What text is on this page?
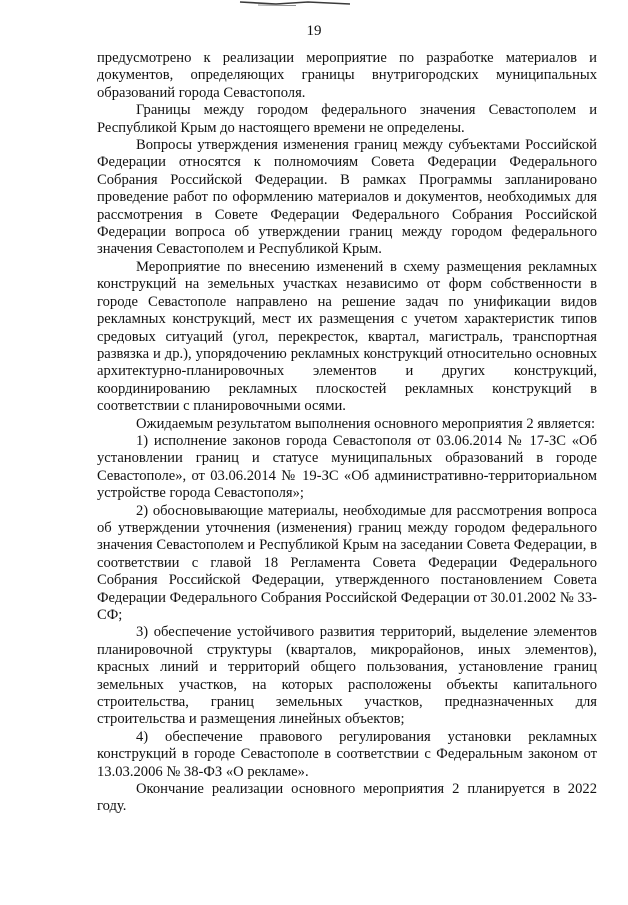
19

предусмотрено к реализации мероприятие по разработке материалов и документов, определяющих границы внутригородских муниципальных образований города Севастополя.

Границы между городом федерального значения Севастополем и Республикой Крым до настоящего времени не определены.

Вопросы утверждения изменения границ между субъектами Российской Федерации относятся к полномочиям Совета Федерации Федерального Собрания Российской Федерации. В рамках Программы запланировано проведение работ по оформлению материалов и документов, необходимых для рассмотрения в Совете Федерации Федерального Собрания Российской Федерации вопроса об утверждении границ между городом федерального значения Севастополем и Республикой Крым.

Мероприятие по внесению изменений в схему размещения рекламных конструкций на земельных участках независимо от форм собственности в городе Севастополе направлено на решение задач по унификации видов рекламных конструкций, мест их размещения с учетом характеристик типов средовых ситуаций (угол, перекресток, квартал, магистраль, транспортная развязка и др.), упорядочению рекламных конструкций относительно основных архитектурно-планировочных элементов и других конструкций, координированию рекламных плоскостей рекламных конструкций в соответствии с планировочными осями.

Ожидаемым результатом выполнения основного мероприятия 2 является:

1) исполнение законов города Севастополя от 03.06.2014 № 17-ЗС «Об установлении границ и статусе муниципальных образований в городе Севастополе», от 03.06.2014 № 19-ЗС «Об административно-территориальном устройстве города Севастополя»;

2) обосновывающие материалы, необходимые для рассмотрения вопроса об утверждении уточнения (изменения) границ между городом федерального значения Севастополем и Республикой Крым на заседании Совета Федерации, в соответствии с главой 18 Регламента Совета Федерации Федерального Собрания Российской Федерации, утвержденного постановлением Совета Федерации Федерального Собрания Российской Федерации от 30.01.2002 № 33-СФ;

3) обеспечение устойчивого развития территорий, выделение элементов планировочной структуры (кварталов, микрорайонов, иных элементов), красных линий и территорий общего пользования, установление границ земельных участков, на которых расположены объекты капитального строительства, границ земельных участков, предназначенных для строительства и размещения линейных объектов;

4) обеспечение правового регулирования установки рекламных конструкций в городе Севастополе в соответствии с Федеральным законом от 13.03.2006 № 38-ФЗ «О рекламе».

Окончание реализации основного мероприятия 2 планируется в 2022 году.
